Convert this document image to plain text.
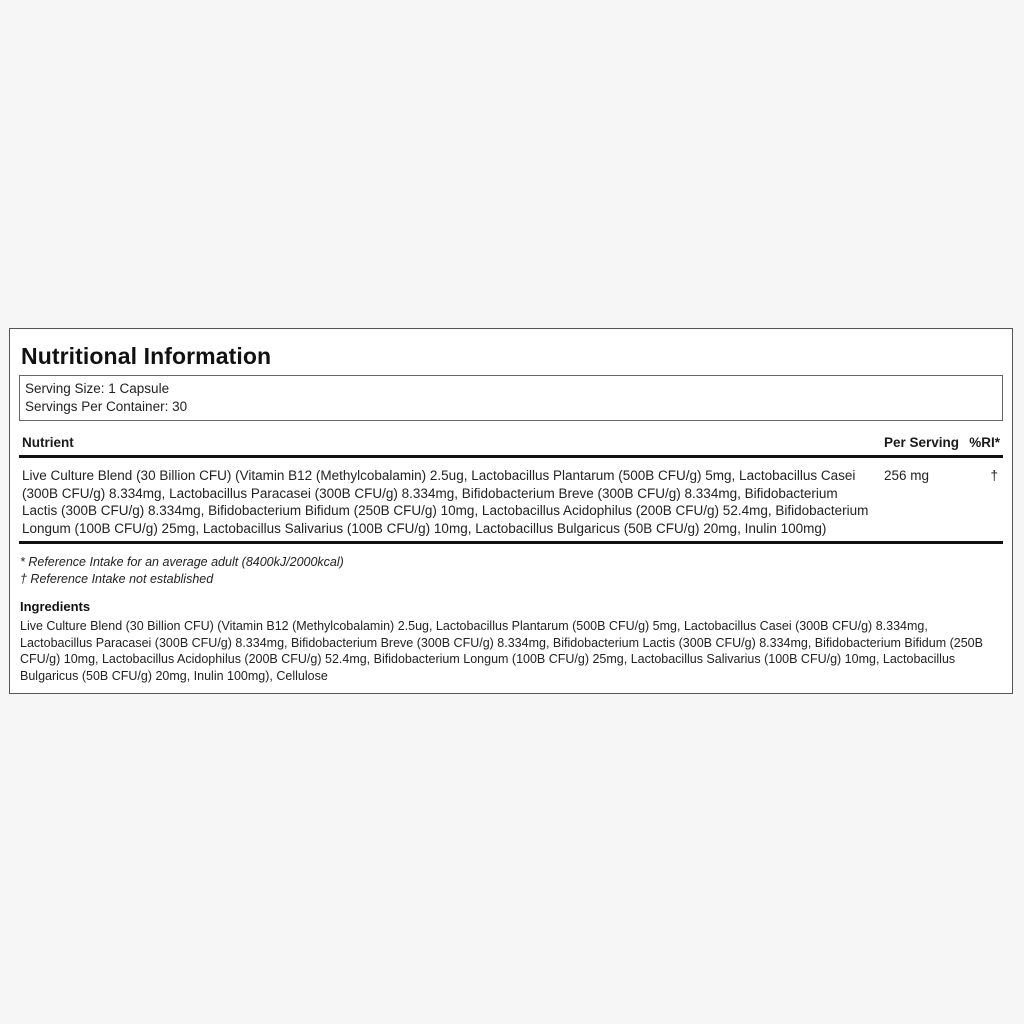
Nutritional Information
Serving Size: 1 Capsule
Servings Per Container: 30
Nutrient	Per Serving %RI*
Live Culture Blend (30 Billion CFU) (Vitamin B12 (Methylcobalamin) 2.5ug, Lactobacillus Plantarum (500B CFU/g) 5mg, Lactobacillus Casei (300B CFU/g) 8.334mg, Lactobacillus Paracasei (300B CFU/g) 8.334mg, Bifidobacterium Breve (300B CFU/g) 8.334mg, Bifidobacterium Lactis (300B CFU/g) 8.334mg, Bifidobacterium Bifidum (250B CFU/g) 10mg, Lactobacillus Acidophilus (200B CFU/g) 52.4mg, Bifidobacterium Longum (100B CFU/g) 25mg, Lactobacillus Salivarius (100B CFU/g) 10mg, Lactobacillus Bulgaricus (50B CFU/g) 20mg, Inulin 100mg)
256 mg	†
* Reference Intake for an average adult (8400kJ/2000kcal)
† Reference Intake not established
Ingredients
Live Culture Blend (30 Billion CFU) (Vitamin B12 (Methylcobalamin) 2.5ug, Lactobacillus Plantarum (500B CFU/g) 5mg, Lactobacillus Casei (300B CFU/g) 8.334mg, Lactobacillus Paracasei (300B CFU/g) 8.334mg, Bifidobacterium Breve (300B CFU/g) 8.334mg, Bifidobacterium Lactis (300B CFU/g) 8.334mg, Bifidobacterium Bifidum (250B CFU/g) 10mg, Lactobacillus Acidophilus (200B CFU/g) 52.4mg, Bifidobacterium Longum (100B CFU/g) 25mg, Lactobacillus Salivarius (100B CFU/g) 10mg, Lactobacillus Bulgaricus (50B CFU/g) 20mg, Inulin 100mg), Cellulose
